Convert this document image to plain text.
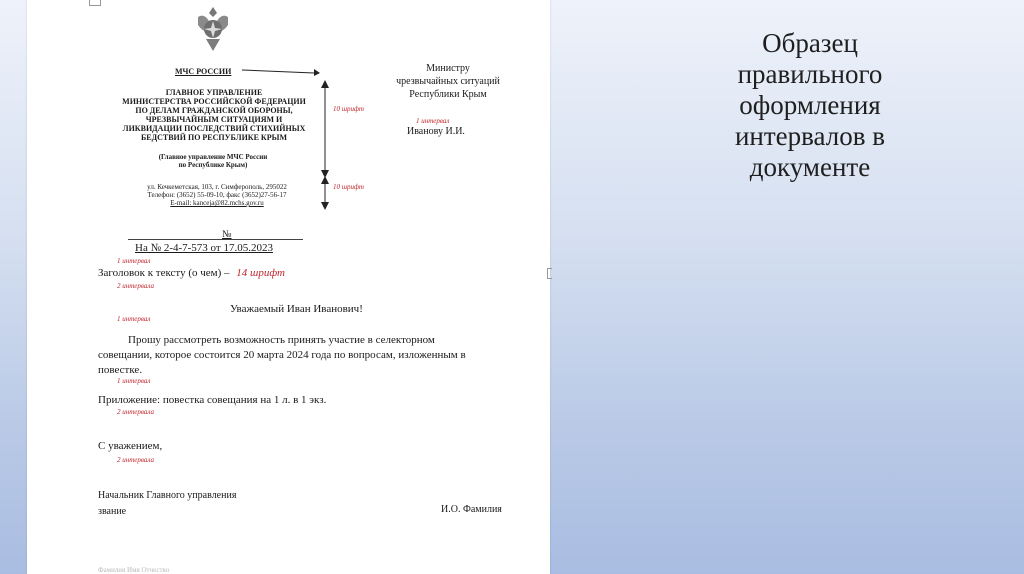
МЧС РОССИИ
ГЛАВНОЕ УПРАВЛЕНИЕ
МИНИСТЕРСТВА РОССИЙСКОЙ ФЕДЕРАЦИИ
ПО ДЕЛАМ ГРАЖДАНСКОЙ ОБОРОНЫ,
ЧРЕЗВЫЧАЙНЫМ СИТУАЦИЯМ И
ЛИКВИДАЦИИ ПОСЛЕДСТВИЙ СТИХИЙНЫХ
БЕДСТВИЙ ПО РЕСПУБЛИКЕ КРЫМ
(Главное управление МЧС России
по Республике Крым)
ул. Кечкеметская, 103, г. Симферополь, 295022
Телефон: (3652) 55-09-10, факс (3652)27-56-17
E-mail: kanceja@82.mchs.gov.ru
10 шрифт
10 шрифт
Министру
чрезвычайных ситуаций
Республики Крым
1 интервал
Иванову И.И.
№
На № 2-4-7-573 от 17.05.2023
1 интервал
Заголовок к тексту (о чем) – 14 шрифт
2 интервала
Уважаемый Иван Иванович!
1 интервал
Прошу рассмотреть возможность принять участие в селекторном
совещании, которое состоится 20 марта 2024 года по вопросам, изложенным в
повестке.
1 интервал
Приложение: повестка совещания на 1 л. в 1 экз.
2 интервала
С уважением,
2 интервала
Начальник Главного управления
звание	И.О. Фамилия
Фамилия Имя Отчество
Образец
правильного
оформления
интервалов в
документе
